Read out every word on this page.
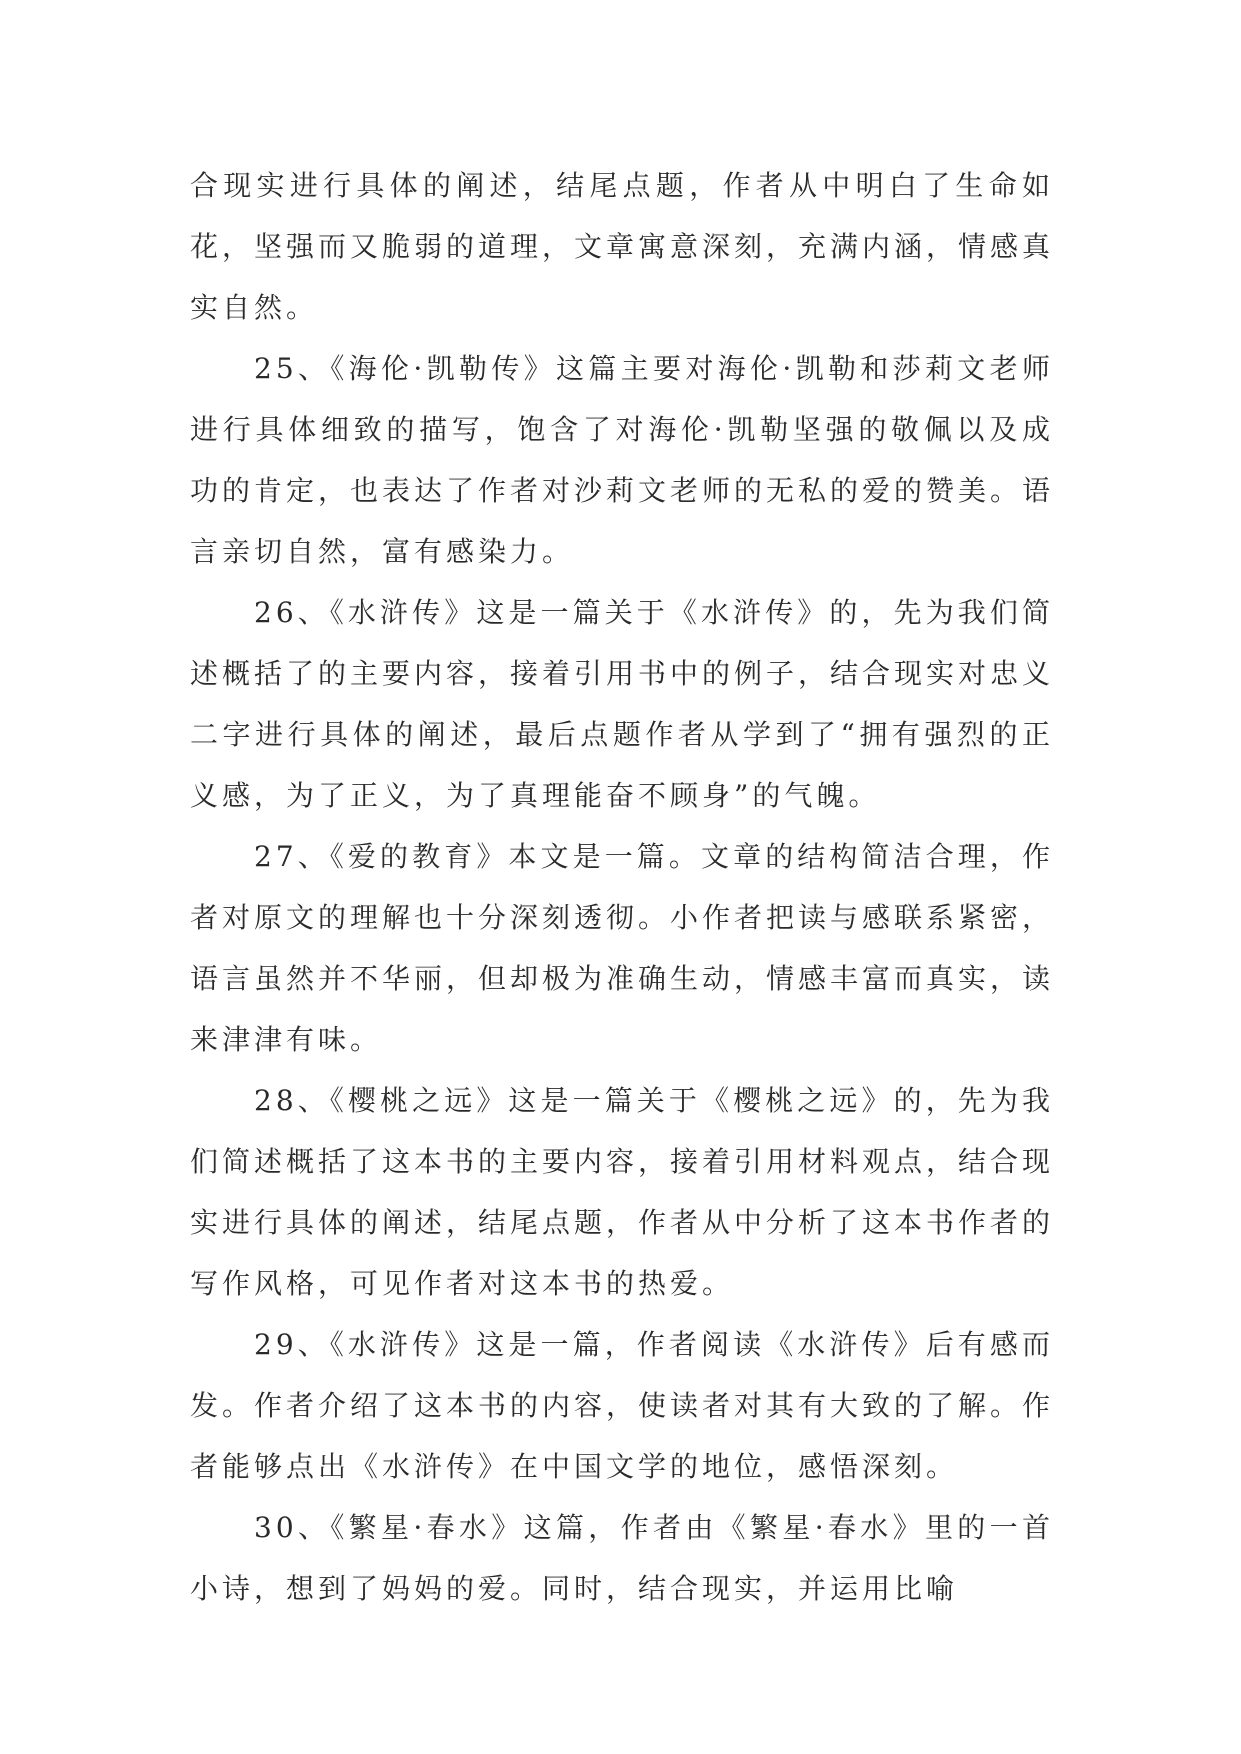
合现实进行具体的阐述，结尾点题，作者从中明白了生命如花，坚强而又脆弱的道理，文章寓意深刻，充满内涵，情感真实自然。

25、《海伦·凯勒传》这篇主要对海伦·凯勒和莎莉文老师进行具体细致的描写，饱含了对海伦·凯勒坚强的敬佩以及成功的肯定，也表达了作者对沙莉文老师的无私的爱的赞美。语言亲切自然，富有感染力。

26、《水浒传》这是一篇关于《水浒传》的，先为我们简述概括了的主要内容，接着引用书中的例子，结合现实对忠义二字进行具体的阐述，最后点题作者从学到了“拥有强烈的正义感，为了正义，为了真理能奋不顾身”的气魄。

27、《爱的教育》本文是一篇。文章的结构简洁合理，作者对原文的理解也十分深刻透彻。小作者把读与感联系紧密，语言虽然并不华丽，但却极为准确生动，情感丰富而真实，读来津津有味。

28、《樱桃之远》这是一篇关于《樱桃之远》的，先为我们简述概括了这本书的主要内容，接着引用材料观点，结合现实进行具体的阐述，结尾点题，作者从中分析了这本书作者的写作风格，可见作者对这本书的热爱。

29、《水浒传》这是一篇，作者阅读《水浒传》后有感而发。作者介绍了这本书的内容，使读者对其有大致的了解。作者能够点出《水浒传》在中国文学的地位，感悟深刻。

30、《繁星·春水》这篇，作者由《繁星·春水》里的一首小诗，想到了妈妈的爱。同时，结合现实，并运用比喻
